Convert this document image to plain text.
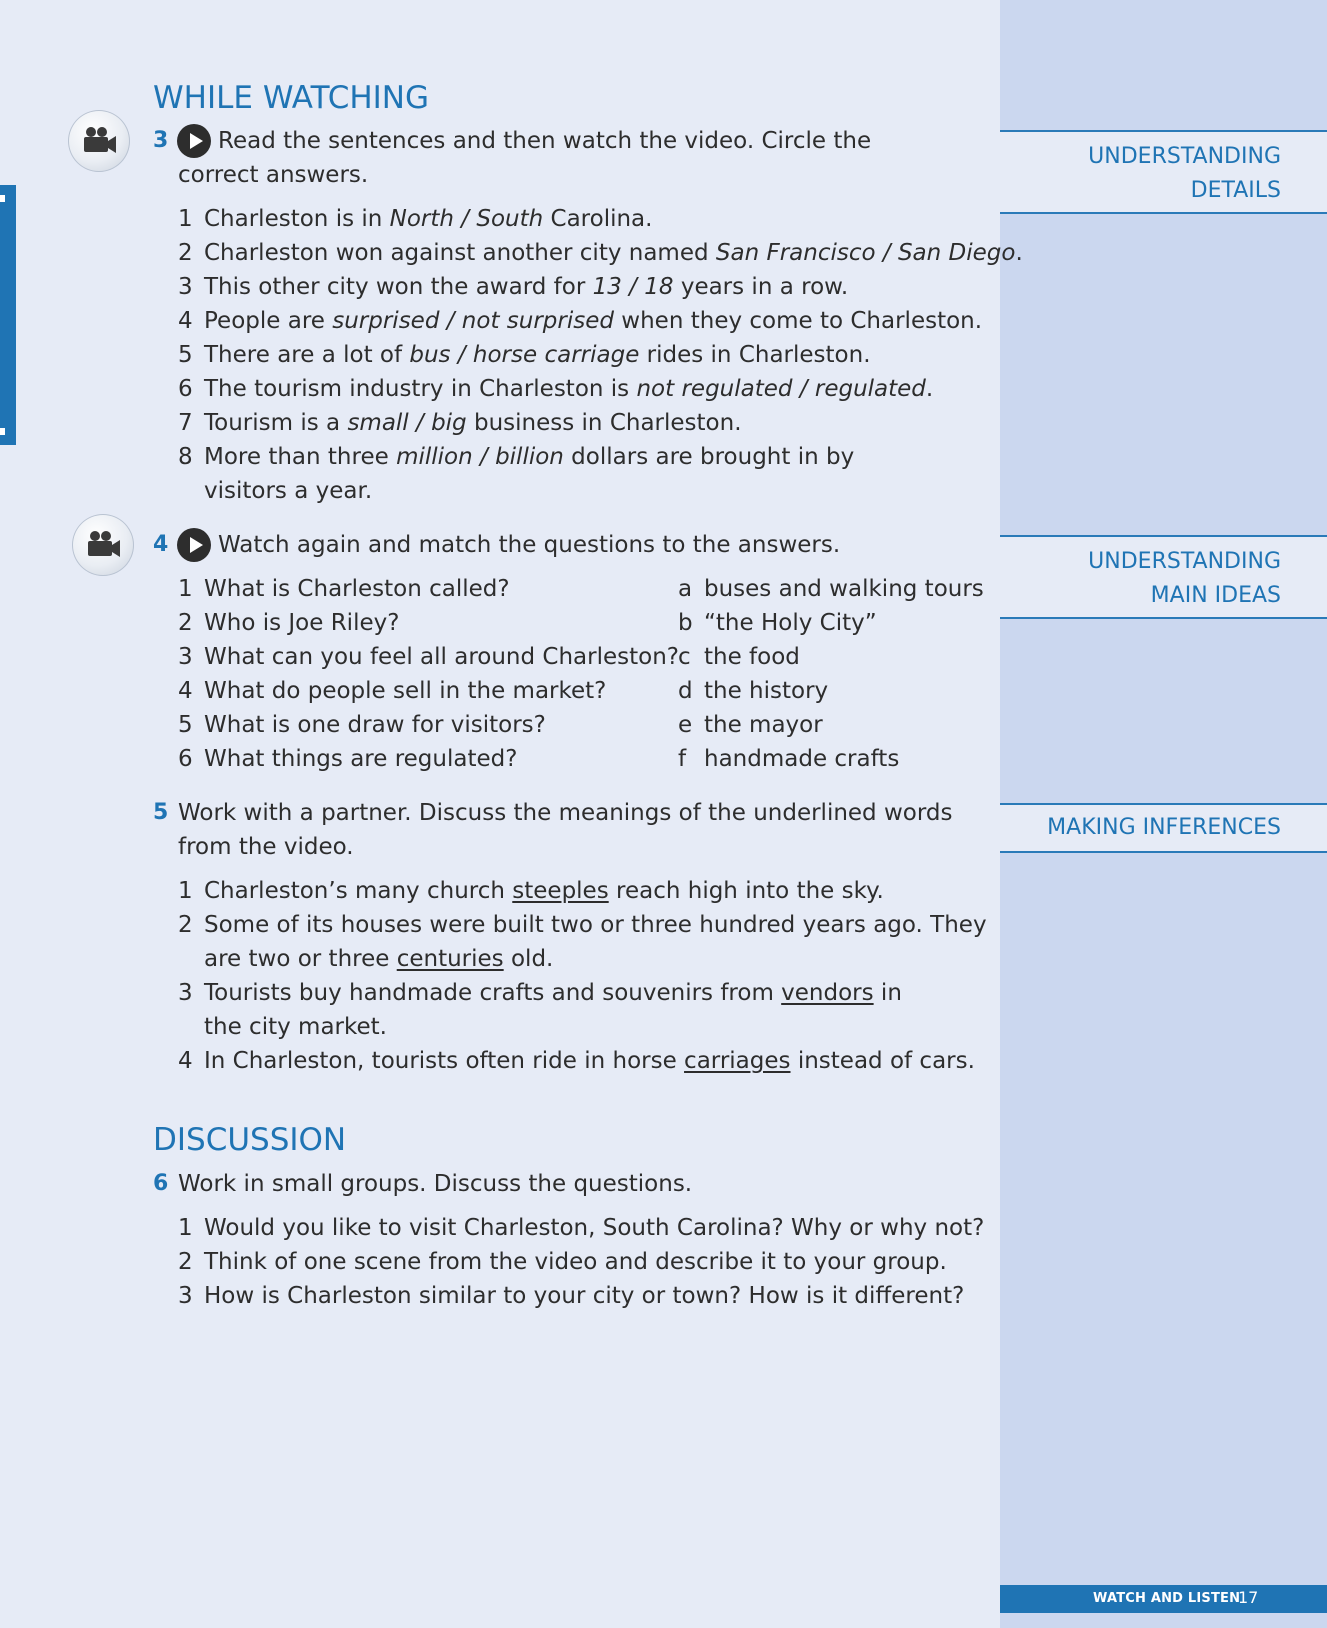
UNDERSTANDING
DETAILS
UNDERSTANDING
MAIN IDEAS
MAKING INFERENCES
WHILE WATCHING
3 Read the sentences and then watch the video. Circle the
correct answers.
1 Charleston is in North / South Carolina.
2 Charleston won against another city named San Francisco / San Diego.
3 This other city won the award for 13 / 18 years in a row.
4 People are surprised / not surprised when they come to Charleston.
5 There are a lot of bus / horse carriage rides in Charleston.
6 The tourism industry in Charleston is not regulated / regulated.
7 Tourism is a small / big business in Charleston.
8 More than three million / billion dollars are brought in by
visitors a year.
4 Watch again and match the questions to the answers.
1 What is Charleston called?
2 Who is Joe Riley?
3 What can you feel all around Charleston?
4 What do people sell in the market?
5 What is one draw for visitors?
6 What things are regulated?
a buses and walking tours
b “the Holy City”
c the food
d the history
e the mayor
f handmade crafts
5 Work with a partner. Discuss the meanings of the underlined words
from the video.
1 Charleston’s many church steeples reach high into the sky.
2 Some of its houses were built two or three hundred years ago. They
are two or three centuries old.
3 Tourists buy handmade crafts and souvenirs from vendors in
the city market.
4 In Charleston, tourists often ride in horse carriages instead of cars.
DISCUSSION
6 Work in small groups. Discuss the questions.
1 Would you like to visit Charleston, South Carolina? Why or why not?
2 Think of one scene from the video and describe it to your group.
3 How is Charleston similar to your city or town? How is it different?
WATCH AND LISTEN
17
